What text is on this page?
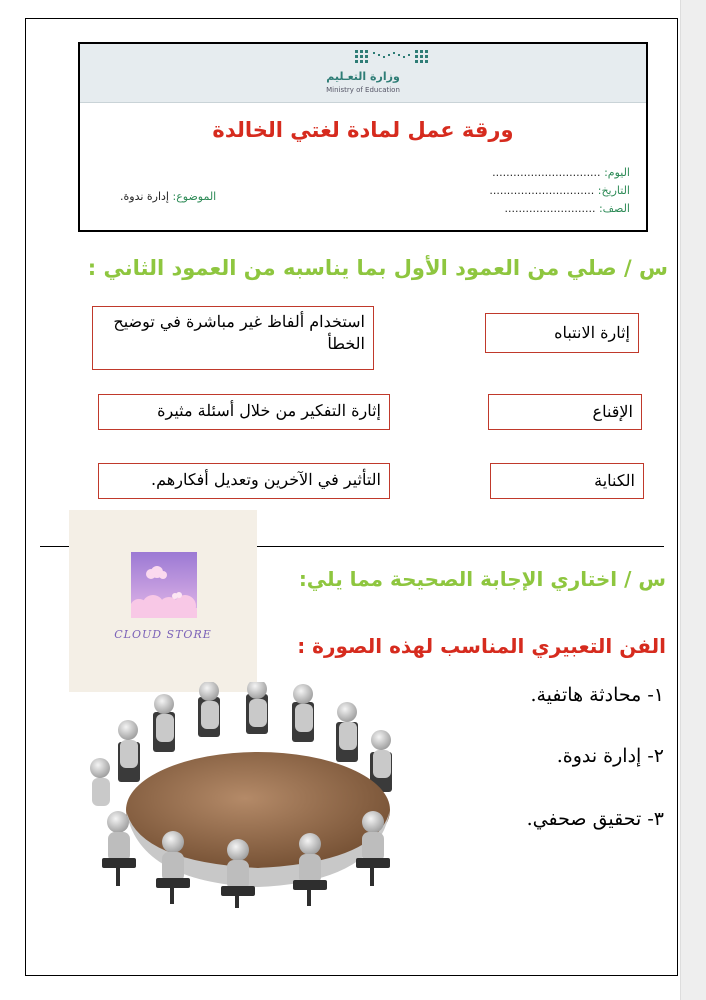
وزارة التعـليم
Ministry of Education
ورقة عمل لمادة لغتي الخالدة
اليوم: ...............................
التاريخ: ..............................
الصف: ..........................
الموضوع: إدارة ندوة.
س / صلي من العمود الأول بما يناسبه من العمود الثاني :
إثارة الانتباه
استخدام ألفاظ غير مباشرة في توضيح الخطأ
الإقناع
إثارة التفكير من خلال أسئلة مثيرة
الكناية
التأثير في الآخرين وتعديل أفكارهم.
CLOUD STORE
س / اختاري الإجابة الصحيحة مما يلي:
الفن التعبيري المناسب لهذه الصورة :
١- محادثة هاتفية.
٢- إدارة ندوة.
٣- تحقيق صحفي.
